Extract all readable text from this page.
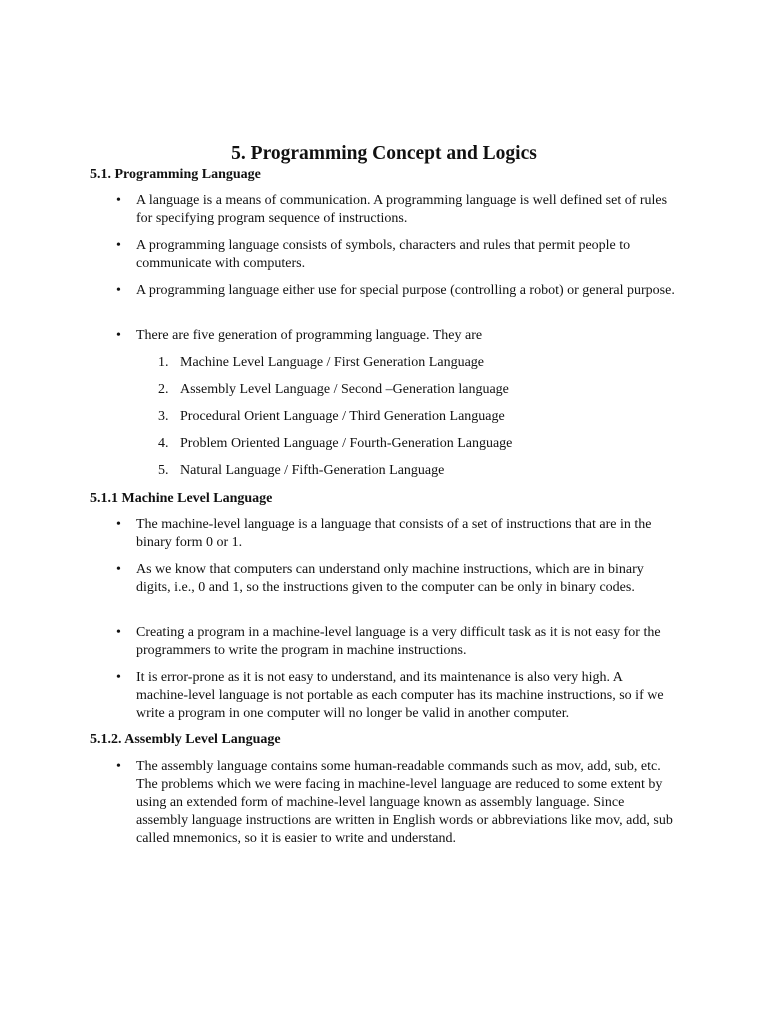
5. Programming Concept and Logics
5.1. Programming Language
•	A language is a means of communication. A programming language is well defined set of rules for specifying program sequence of instructions.
•	A programming language consists of symbols, characters and rules that permit people to communicate with computers.
•	A programming language either use for special purpose (controlling a robot) or general purpose.
•	There are five generation of programming language. They are
1. Machine Level Language / First Generation Language
2. Assembly Level Language / Second –Generation language
3. Procedural Orient Language / Third Generation Language
4. Problem Oriented Language / Fourth-Generation Language
5. Natural Language / Fifth-Generation Language
5.1.1 Machine Level Language
•	The machine-level language is a language that consists of a set of instructions that are in the binary form 0 or 1.
•	As we know that computers can understand only machine instructions, which are in binary digits, i.e., 0 and 1, so the instructions given to the computer can be only in binary codes.
•	Creating a program in a machine-level language is a very difficult task as it is not easy for the programmers to write the program in machine instructions.
•	It is error-prone as it is not easy to understand, and its maintenance is also very high. A machine-level language is not portable as each computer has its machine instructions, so if we write a program in one computer will no longer be valid in another computer.
5.1.2. Assembly Level Language
•	The assembly language contains some human-readable commands such as mov, add, sub, etc. The problems which we were facing in machine-level language are reduced to some extent by using an extended form of machine-level language known as assembly language. Since assembly language instructions are written in English words or abbreviations like mov, add, sub called mnemonics, so it is easier to write and understand.
